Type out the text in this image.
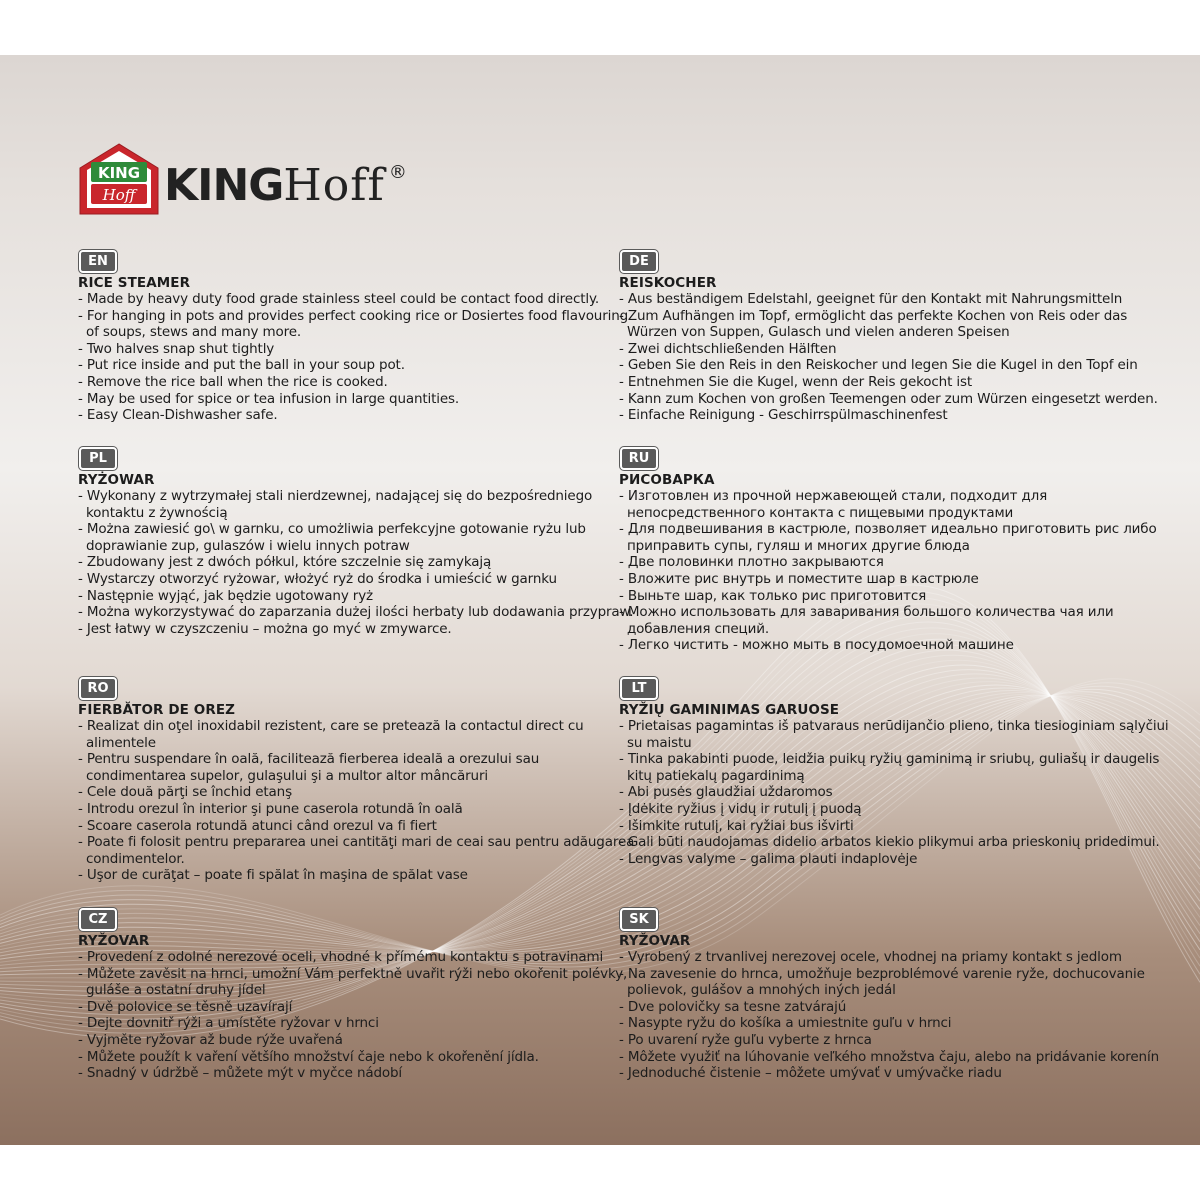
KING
Hoff KINGHoff ®
EN
RICE STEAMER
- Made by heavy duty food grade stainless steel could be contact food directly.
- For hanging in pots and provides perfect cooking rice or Dosiertes food flavouring of soups, stews and many more.
- Two halves snap shut tightly
- Put rice inside and put the ball in your soup pot.
- Remove the rice ball when the rice is cooked.
- May be used for spice or tea infusion in large quantities.
- Easy Clean-Dishwasher safe.
DE
REISKOCHER
- Aus beständigem Edelstahl, geeignet für den Kontakt mit Nahrungsmitteln
- Zum Aufhängen im Topf, ermöglicht das perfekte Kochen von Reis oder das Würzen von Suppen, Gulasch und vielen anderen Speisen
- Zwei dichtschließenden Hälften
- Geben Sie den Reis in den Reiskocher und legen Sie die Kugel in den Topf ein
- Entnehmen Sie die Kugel, wenn der Reis gekocht ist
- Kann zum Kochen von großen Teemengen oder zum Würzen eingesetzt werden.
- Einfache Reinigung - Geschirrspülmaschinenfest
PL
RYŻOWAR
- Wykonany z wytrzymałej stali nierdzewnej, nadającej się do bezpośredniego kontaktu z żywnością
- Można zawiesić go\ w garnku, co umożliwia perfekcyjne gotowanie ryżu lub doprawianie zup, gulaszów i wielu innych potraw
- Zbudowany jest z dwóch półkul, które szczelnie się zamykają
- Wystarczy otworzyć ryżowar, włożyć ryż do środka i umieścić w garnku
- Następnie wyjąć, jak będzie ugotowany ryż
- Można wykorzystywać do zaparzania dużej ilości herbaty lub dodawania przypraw.
- Jest łatwy w czyszczeniu – można go myć w zmywarce.
RU
РИСОВАРКА
- Изготовлен из прочной нержавеющей стали, подходит для непосредственного контакта с пищевыми продуктами
- Для подвешивания в кастрюле, позволяет идеально приготовить рис либо приправить супы, гуляш и многих другие блюда
- Две половинки плотно закрываются
- Вложите рис внутрь и поместите шар в кастрюле
- Выньте шар, как только рис приготовится
- Можно использовать для заваривания большого количества чая или добавления специй.
- Легко чистить - можно мыть в посудомоечной машине
RO
FIERBĂTOR DE OREZ
- Realizat din oţel inoxidabil rezistent, care se pretează la contactul direct cu alimentele
- Pentru suspendare în oală, facilitează fierberea ideală a orezului sau condimentarea supelor, gulaşului şi a multor altor mâncăruri
- Cele două părţi se închid etanş
- Introdu orezul în interior şi pune caserola rotundă în oală
- Scoare caserola rotundă atunci când orezul va fi fiert
- Poate fi folosit pentru prepararea unei cantităţi mari de ceai sau pentru adăugarea condimentelor.
- Uşor de curăţat – poate fi spălat în maşina de spălat vase
LT
RYŽIŲ GAMINIMAS GARUOSE
- Prietaisas pagamintas iš patvaraus nerūdijančio plieno, tinka tiesioginiam sąlyčiui su maistu
- Tinka pakabinti puode, leidžia puikų ryžių gaminimą ir sriubų, guliašų ir daugelis kitų patiekalų pagardinimą
- Abi pusės glaudžiai uždaromos
- Įdėkite ryžius į vidų ir rutulį į puodą
- Išimkite rutulį, kai ryžiai bus išvirti
- Gali būti naudojamas didelio arbatos kiekio plikymui arba prieskonių pridedimui.
- Lengvas valyme – galima plauti indaplovėje
CZ
RYŽOVAR
- Provedení z odolné nerezové oceli, vhodné k přímému kontaktu s potravinami
- Můžete zavěsit na hrnci, umožní Vám perfektně uvařit rýži nebo okořenit polévky, guláše a ostatní druhy jídel
- Dvě polovice se těsně uzavírají
- Dejte dovnitř rýži a umístěte ryžovar v hrnci
- Vyjměte ryžovar až bude rýže uvařená
- Můžete použít k vaření většího množství čaje nebo k okořenění jídla.
- Snadný v údržbě – můžete mýt v myčce nádobí
SK
RYŽOVAR
- Vyrobený z trvanlivej nerezovej ocele, vhodnej na priamy kontakt s jedlom
- Na zavesenie do hrnca, umožňuje bezproblémové varenie ryže, dochucovanie polievok, gulášov a mnohých iných jedál
- Dve polovičky sa tesne zatvárajú
- Nasypte ryžu do košíka a umiestnite guľu v hrnci
- Po uvarení ryže guľu vyberte z hrnca
- Môžete využiť na lúhovanie veľkého množstva čaju, alebo na pridávanie korenín
- Jednoduché čistenie – môžete umývať v umývačke riadu
